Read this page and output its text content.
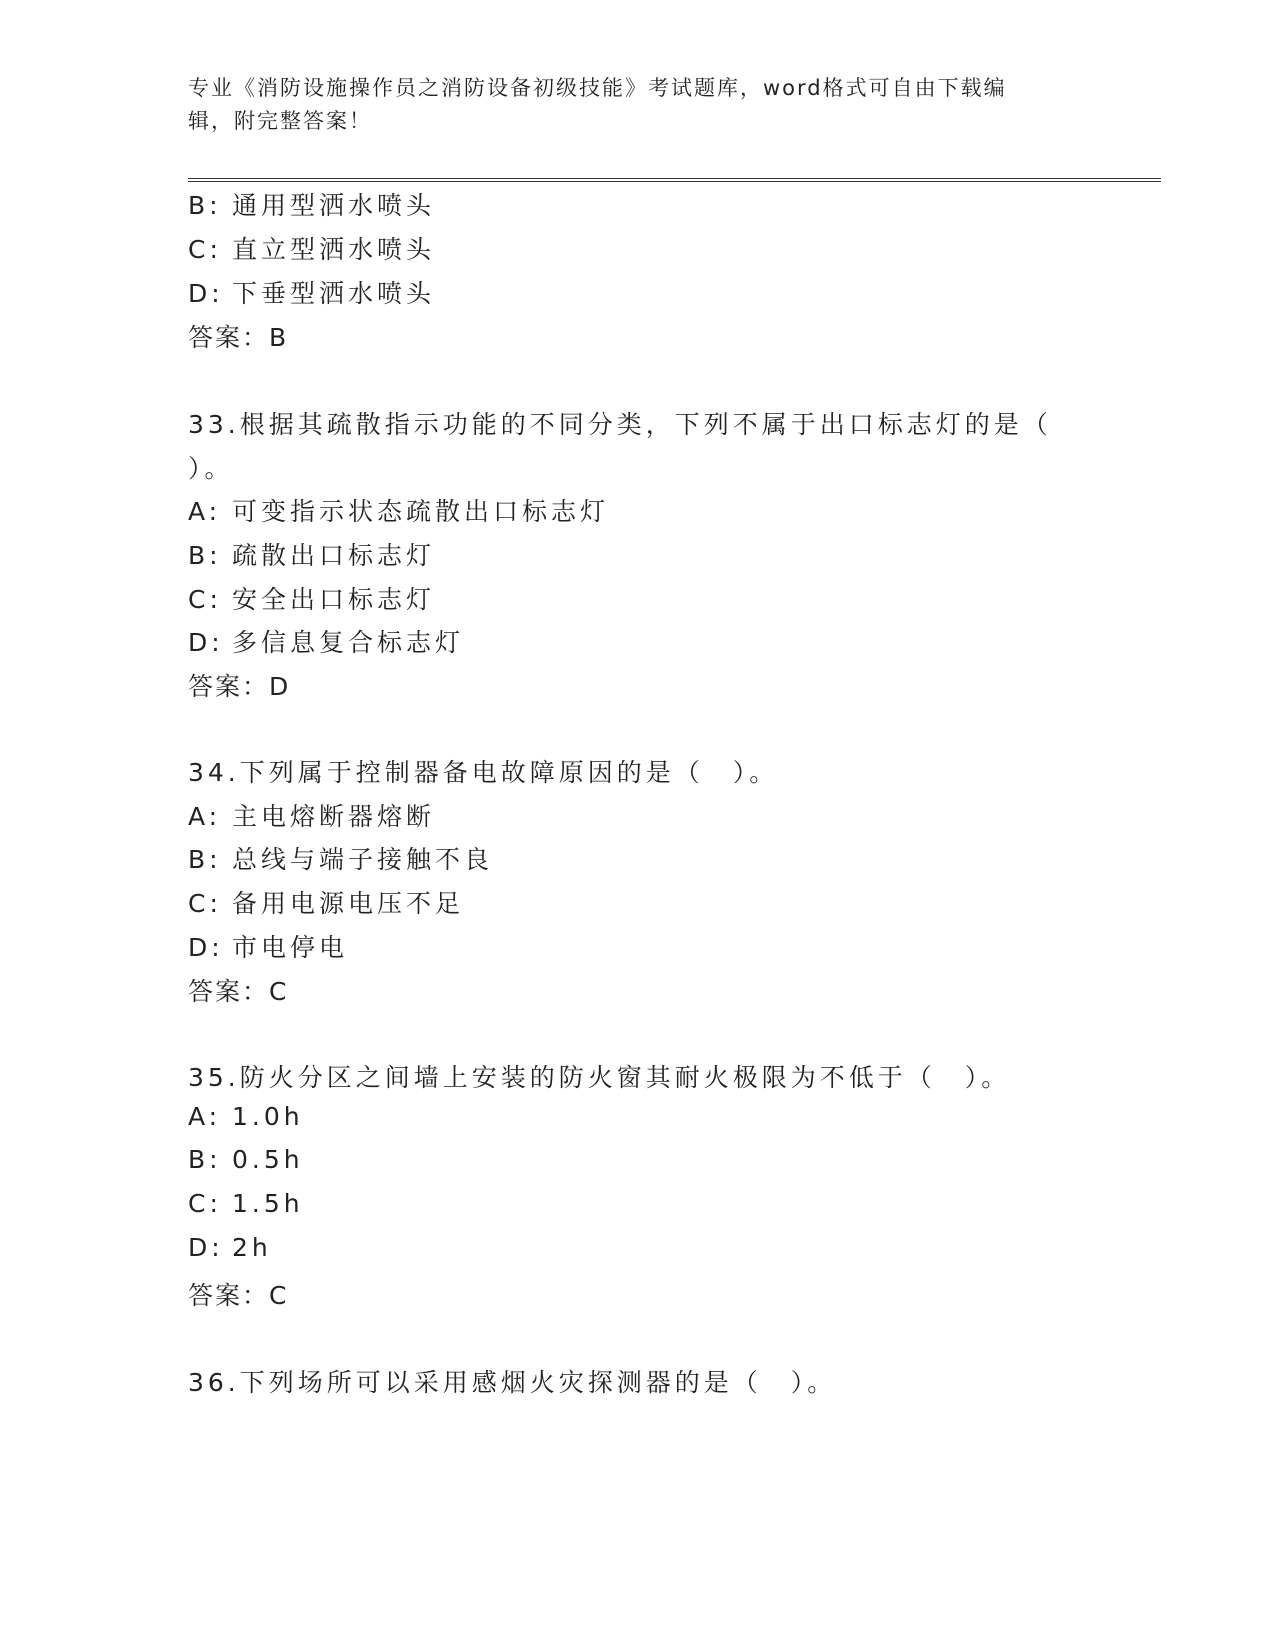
专业《消防设施操作员之消防设备初级技能》考试题库，word格式可自由下载编
辑，附完整答案！
B: 通用型洒水喷头
C: 直立型洒水喷头
D: 下垂型洒水喷头
答案：B
33.根据其疏散指示功能的不同分类，下列不属于出口标志灯的是（
）。
A: 可变指示状态疏散出口标志灯
B: 疏散出口标志灯
C: 安全出口标志灯
D: 多信息复合标志灯
答案：D
34.下列属于控制器备电故障原因的是（　）。
A: 主电熔断器熔断
B: 总线与端子接触不良
C: 备用电源电压不足
D: 市电停电
答案：C
35.防火分区之间墙上安装的防火窗其耐火极限为不低于（　）。
A: 1.0h
B: 0.5h
C: 1.5h
D: 2h
答案：C
36.下列场所可以采用感烟火灾探测器的是（　）。
